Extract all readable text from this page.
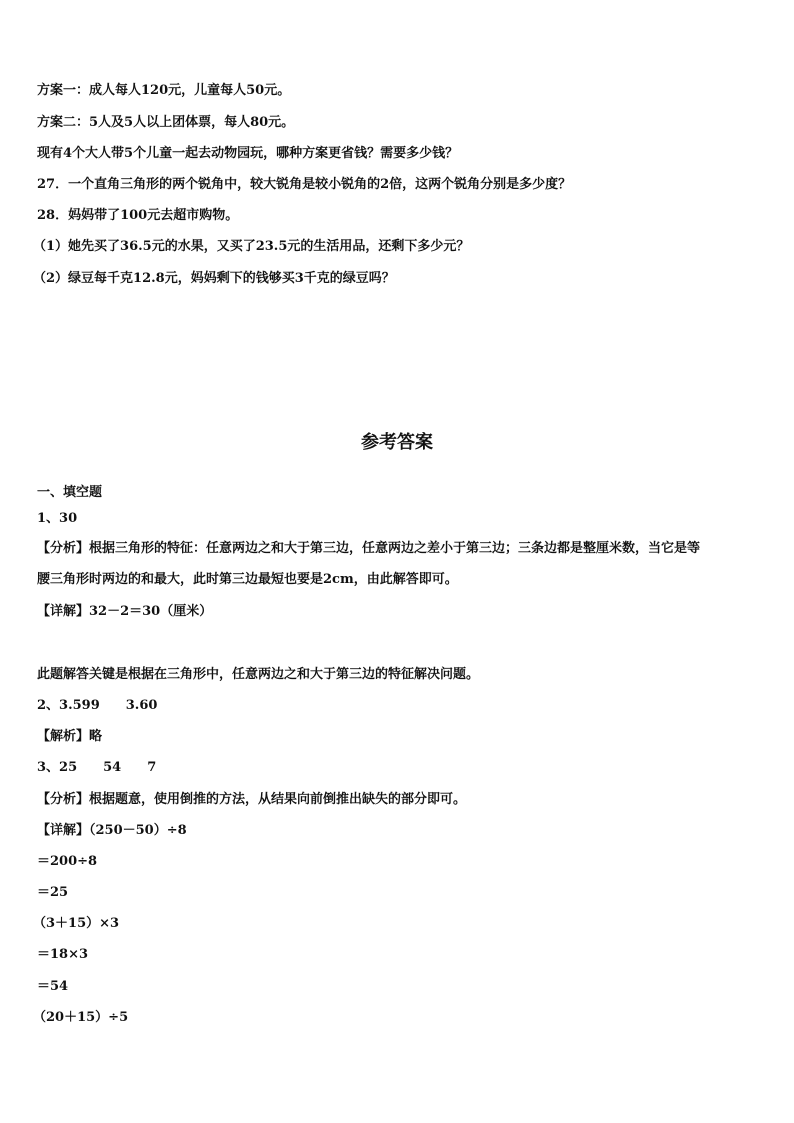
方案一：成人每人120元，儿童每人50元。
方案二：5人及5人以上团体票，每人80元。
现有4个大人带5个儿童一起去动物园玩，哪种方案更省钱？需要多少钱？
27．一个直角三角形的两个锐角中，较大锐角是较小锐角的2倍，这两个锐角分别是多少度？
28．妈妈带了100元去超市购物。
（1）她先买了36.5元的水果，又买了23.5元的生活用品，还剩下多少元？
（2）绿豆每千克12.8元，妈妈剩下的钱够买3千克的绿豆吗？
参考答案
一、填空题
1、30
【分析】根据三角形的特征：任意两边之和大于第三边，任意两边之差小于第三边；三条边都是整厘米数，当它是等
腰三角形时两边的和最大，此时第三边最短也要是2cm，由此解答即可。
【详解】32－2＝30（厘米）
此题解答关键是根据在三角形中，任意两边之和大于第三边的特征解决问题。
2、3.599　　3.60
【解析】略
3、25　　54　　7
【分析】根据题意，使用倒推的方法，从结果向前倒推出缺失的部分即可。
【详解】（250－50）÷8
＝200÷8
＝25
（3＋15）×3
＝18×3
＝54
（20＋15）÷5
